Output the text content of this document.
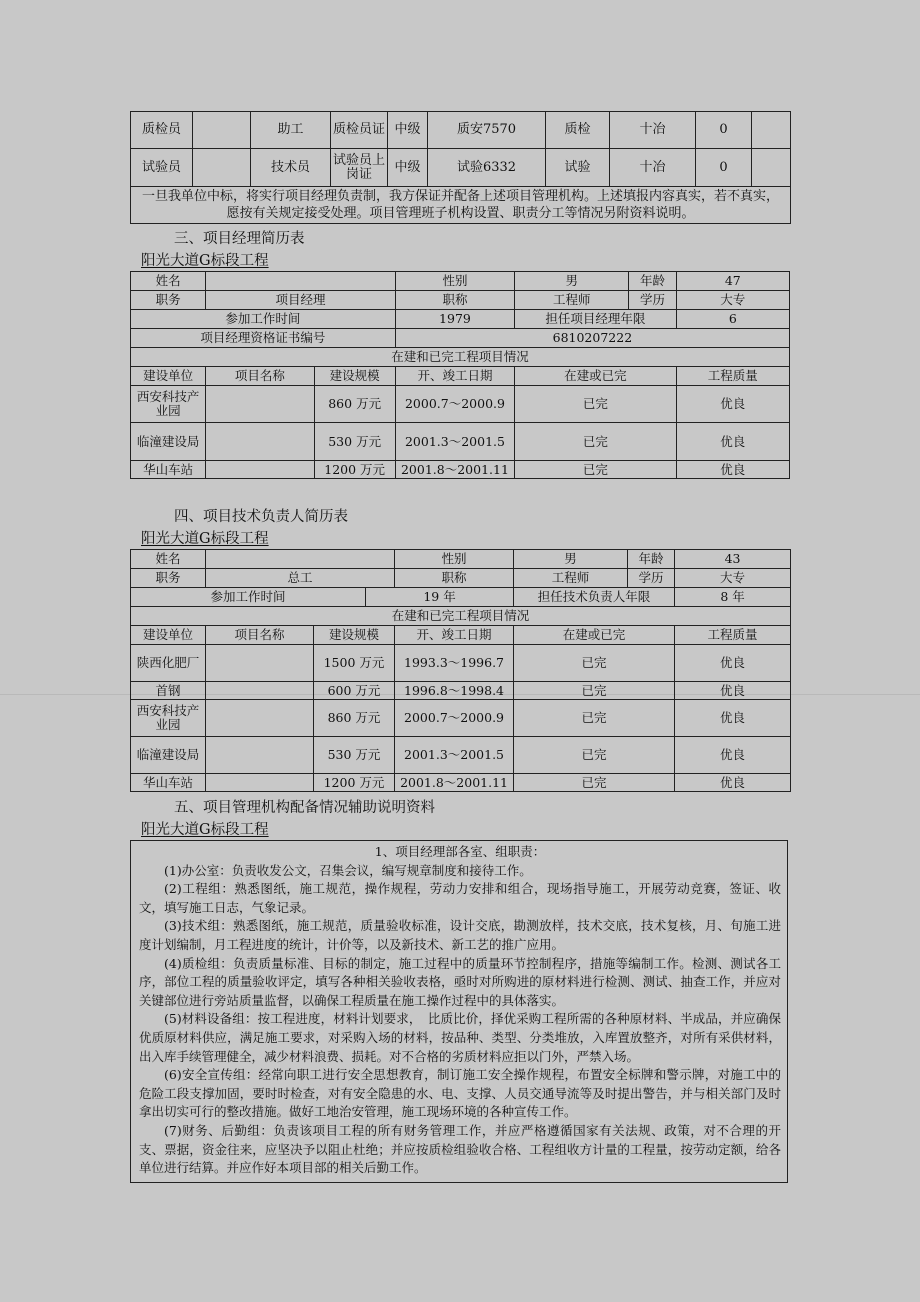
质检员		助工	质检员证	中级	质安7570	质检	十冶	0	
试验员		技术员	试验员上岗证	中级	试验6332	试验	十冶	0	
一旦我单位中标，将实行项目经理负责制，我方保证并配备上述项目管理机构。上述填报内容真实，若不真实，愿按有关规定接受处理。项目管理班子机构设置、职责分工等情况另附资料说明。									
三、项目经理简历表
阳光大道G标段工程
姓名			性别	男	年龄	47
职务	项目经理		职称	工程师	学历	大专
参加工作时间			1979	担任项目经理年限		6
项目经理资格证书编号			6810207222			
在建和已完工程项目情况						
建设单位	项目名称	建设规模	开、竣工日期	在建或已完		工程质量
西安科技产业园		860 万元	2000.7～2000.9	已完		优良
临潼建设局		530 万元	2001.3～2001.5	已完		优良
华山车站		1200 万元	2001.8～2001.11	已完		优良
四、项目技术负责人简历表
阳光大道G标段工程
姓名				性别	男	年龄	43
职务	总工			职称	工程师	学历	大专
参加工作时间			19 年		担任技术负责人年限		8 年
在建和已完工程项目情况							
建设单位	项目名称	建设规模		开、竣工日期	在建或已完		工程质量
陕西化肥厂		1500 万元		1993.3～1996.7	已完		优良
首钢		600 万元		1996.8～1998.4	已完		优良
西安科技产业园		860 万元		2000.7～2000.9	已完		优良
临潼建设局		530 万元		2001.3～2001.5	已完		优良
华山车站		1200 万元		2001.8～2001.11	已完		优良
五、项目管理机构配备情况辅助说明资料
阳光大道G标段工程

1、项目经理部各室、组职责：

(1)办公室：负责收发公文，召集会议，编写规章制度和接待工作。

(2)工程组：熟悉图纸，施工规范，操作规程，劳动力安排和组合，现场指导施工，开展劳动竞赛，签证、收文，填写施工日志，气象记录。

(3)技术组：熟悉图纸，施工规范，质量验收标准，设计交底，勘测放样，技术交底，技术复核，月、旬施工进度计划编制，月工程进度的统计，计价等，以及新技术、新工艺的推广应用。

(4)质检组：负责质量标准、目标的制定，施工过程中的质量环节控制程序，措施等编制工作。检测、测试各工序，部位工程的质量验收评定，填写各种相关验收表格，亟时对所购进的原材料进行检测、测试、抽查工作，并应对关键部位进行旁站质量监督，以确保工程质量在施工操作过程中的具体落实。

(5)材料设备组：按工程进度，材料计划要求，　比质比价，择优采购工程所需的各种原材料、半成品，并应确保优质原材料供应，满足施工要求，对采购入场的材料，按品种、类型、分类堆放，入库置放整齐，对所有采供材料，出入库手续管理健全，减少材料浪费、损耗。对不合格的劣质材料应拒以门外，严禁入场。

(6)安全宣传组：经常向职工进行安全思想教育，制订施工安全操作规程，布置安全标牌和警示牌，对施工中的危险工段支撑加固，要时时检查，对有安全隐患的水、电、支撑、人员交通导流等及时提出警告，并与相关部门及时拿出切实可行的整改措施。做好工地治安管理，施工现场环境的各种宣传工作。

(7)财务、后勤组：负责该项目工程的所有财务管理工作，并应严格遵循国家有关法规、政策，对不合理的开支、票据，资金往来，应坚决予以阻止杜绝；并应按质检组验收合格、工程组收方计量的工程量，按劳动定额，给各单位进行结算。并应作好本项目部的相关后勤工作。
